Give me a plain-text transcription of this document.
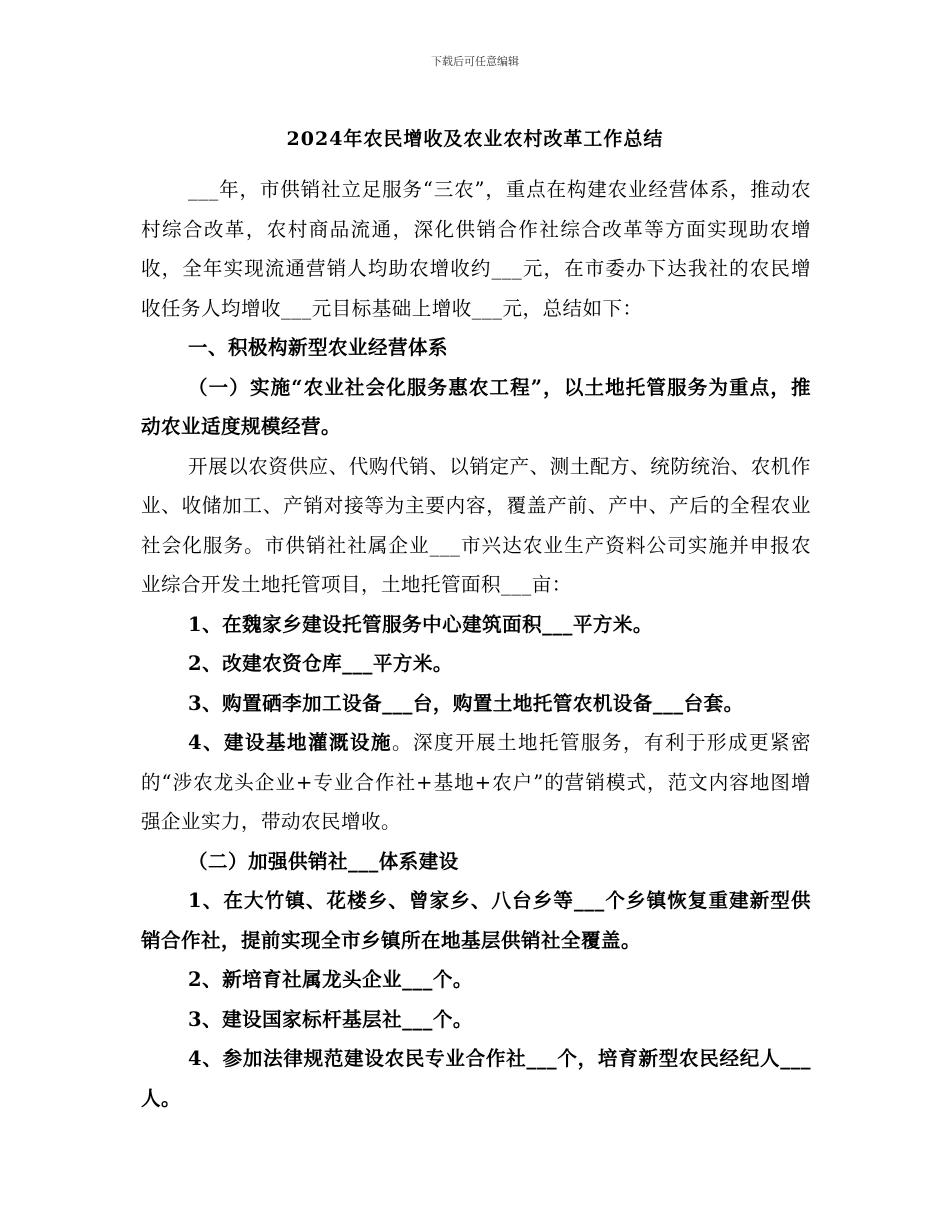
下载后可任意编辑
2024年农民增收及农业农村改革工作总结

___年，市供销社立足服务“三农”，重点在构建农业经营体系，推动农村综合改革，农村商品流通，深化供销合作社综合改革等方面实现助农增收，全年实现流通营销人均助农增收约___元，在市委办下达我社的农民增收任务人均增收___元目标基础上增收___元，总结如下：

一、积极构新型农业经营体系

（一）实施“农业社会化服务惠农工程”，以土地托管服务为重点，推动农业适度规模经营。

开展以农资供应、代购代销、以销定产、测土配方、统防统治、农机作业、收储加工、产销对接等为主要内容，覆盖产前、产中、产后的全程农业社会化服务。市供销社社属企业___市兴达农业生产资料公司实施并申报农业综合开发土地托管项目，土地托管面积___亩：

1、在魏家乡建设托管服务中心建筑面积___平方米。

2、改建农资仓库___平方米。

3、购置硒李加工设备___台，购置土地托管农机设备___台套。

4、建设基地灌溉设施。深度开展土地托管服务，有利于形成更紧密的“涉农龙头企业+专业合作社+基地+农户”的营销模式，范文内容地图增强企业实力，带动农民增收。

（二）加强供销社___体系建设

1、在大竹镇、花楼乡、曾家乡、八台乡等___个乡镇恢复重建新型供销合作社，提前实现全市乡镇所在地基层供销社全覆盖。

2、新培育社属龙头企业___个。

3、建设国家标杆基层社___个。

4、参加法律规范建设农民专业合作社___个，培育新型农民经纪人___人。
